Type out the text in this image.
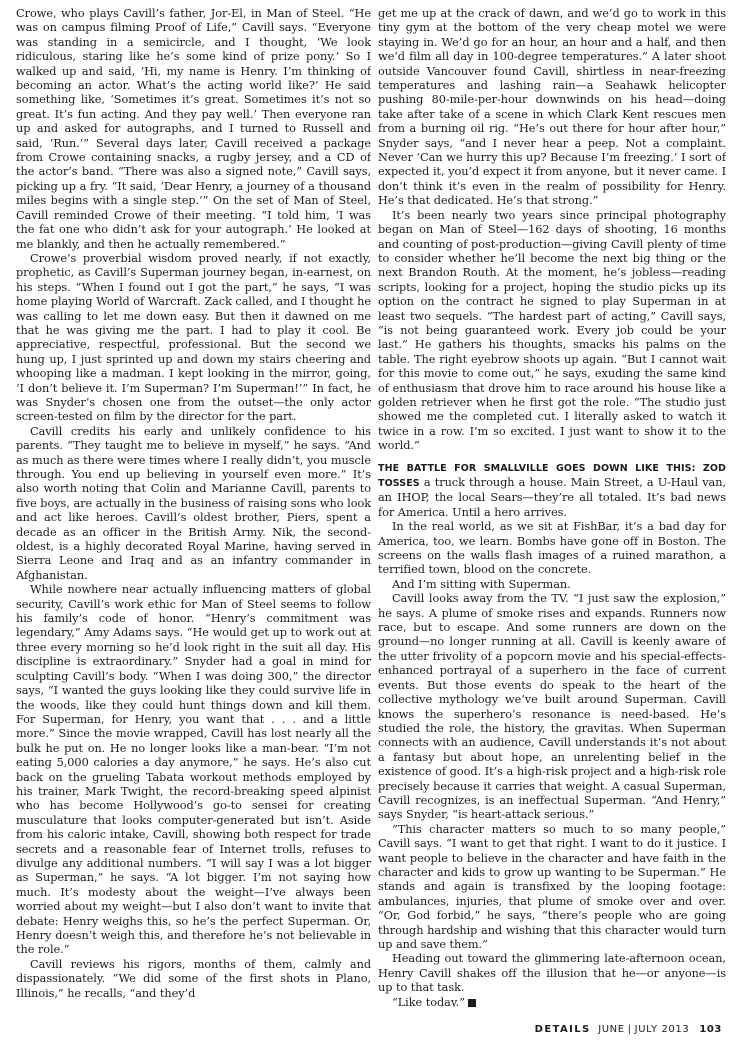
Crowe, who plays Cavill’s father, Jor-El, in Man of Steel. “He was on campus filming Proof of Life,” Cavill says. “Everyone was standing in a semicircle, and I thought, ‘We look ridiculous, staring like he’s some kind of prize pony.’ So I walked up and said, ‘Hi, my name is Henry. I’m thinking of becoming an actor. What’s the acting world like?’ He said something like, ‘Sometimes it’s great. Sometimes it’s not so great. It’s fun acting. And they pay well.’ Then everyone ran up and asked for autographs, and I turned to Russell and said, ‘Run.’” Several days later, Cavill received a package from Crowe containing snacks, a rugby jersey, and a CD of the actor’s band. “There was also a signed note,” Cavill says, picking up a fry. “It said, ‘Dear Henry, a journey of a thousand miles begins with a single step.’” On the set of Man of Steel, Cavill reminded Crowe of their meeting. “I told him, ‘I was the fat one who didn’t ask for your autograph.’ He looked at me blankly, and then he actually remembered.”

Crowe’s proverbial wisdom proved nearly, if not exactly, prophetic, as Cavill’s Superman journey began, in-earnest, on his steps. “When I found out I got the part,” he says, “I was home playing World of Warcraft. Zack called, and I thought he was calling to let me down easy. But then it dawned on me that he was giving me the part. I had to play it cool. Be appreciative, respectful, professional. But the second we hung up, I just sprinted up and down my stairs cheering and whooping like a madman. I kept looking in the mirror, going, ‘I don’t believe it. I’m Superman? I’m Superman!’” In fact, he was Snyder’s chosen one from the outset—the only actor screen-tested on film by the director for the part.

Cavill credits his early and unlikely confidence to his parents. “They taught me to believe in myself,” he says. “And as much as there were times where I really didn’t, you muscle through. You end up believing in yourself even more.” It’s also worth noting that Colin and Marianne Cavill, parents to five boys, are actually in the business of raising sons who look and act like heroes. Cavill’s oldest brother, Piers, spent a decade as an officer in the British Army. Nik, the second-oldest, is a highly decorated Royal Marine, having served in Sierra Leone and Iraq and as an infantry commander in Afghanistan.

While nowhere near actually influencing matters of global security, Cavill’s work ethic for Man of Steel seems to follow his family’s code of honor. “Henry’s commitment was legendary,” Amy Adams says. “He would get up to work out at three every morning so he’d look right in the suit all day. His discipline is extraordinary.” Snyder had a goal in mind for sculpting Cavill’s body. “When I was doing 300,” the director says, “I wanted the guys looking like they could survive life in the woods, like they could hunt things down and kill them. For Superman, for Henry, you want that . . . and a little more.” Since the movie wrapped, Cavill has lost nearly all the bulk he put on. He no longer looks like a man-bear. “I’m not eating 5,000 calories a day anymore,” he says. He’s also cut back on the grueling Tabata workout methods employed by his trainer, Mark Twight, the record-breaking speed alpinist who has become Hollywood’s go-to sensei for creating musculature that looks computer-generated but isn’t. Aside from his caloric intake, Cavill, showing both respect for trade secrets and a reasonable fear of Internet trolls, refuses to divulge any additional numbers. “I will say I was a lot bigger as Superman,” he says. “A lot bigger. I’m not saying how much. It’s modesty about the weight—I’ve always been worried about my weight—but I also don’t want to invite that debate: Henry weighs this, so he’s the perfect Superman. Or, Henry doesn’t weigh this, and therefore he’s not believable in the role.”

Cavill reviews his rigors, months of them, calmly and dispassionately. “We did some of the first shots in Plano, Illinois,” he recalls, “and they’d

get me up at the crack of dawn, and we’d go to work in this tiny gym at the bottom of the very cheap motel we were staying in. We’d go for an hour, an hour and a half, and then we’d film all day in 100-degree temperatures.” A later shoot outside Vancouver found Cavill, shirtless in near-freezing temperatures and lashing rain—a Seahawk helicopter pushing 80-mile-per-hour downwinds on his head—doing take after take of a scene in which Clark Kent rescues men from a burning oil rig. “He’s out there for hour after hour,” Snyder says, “and I never hear a peep. Not a complaint. Never ‘Can we hurry this up? Because I’m freezing.’ I sort of expected it, you’d expect it from anyone, but it never came. I don’t think it’s even in the realm of possibility for Henry. He’s that dedicated. He’s that strong.”

It’s been nearly two years since principal photography began on Man of Steel—162 days of shooting, 16 months and counting of post-production—giving Cavill plenty of time to consider whether he’ll become the next big thing or the next Brandon Routh. At the moment, he’s jobless—reading scripts, looking for a project, hoping the studio picks up its option on the contract he signed to play Superman in at least two sequels. “The hardest part of acting,” Cavill says, “is not being guaranteed work. Every job could be your last.” He gathers his thoughts, smacks his palms on the table. The right eyebrow shoots up again. “But I cannot wait for this movie to come out,” he says, exuding the same kind of enthusiasm that drove him to race around his house like a golden retriever when he first got the role. “The studio just showed me the completed cut. I literally asked to watch it twice in a row. I’m so excited. I just want to show it to the world.”

THE BATTLE FOR SMALLVILLE GOES DOWN LIKE THIS: ZOD TOSSES a truck through a house. Main Street, a U-Haul van, an IHOP, the local Sears—they’re all totaled. It’s bad news for America. Until a hero arrives.

In the real world, as we sit at FishBar, it’s a bad day for America, too, we learn. Bombs have gone off in Boston. The screens on the walls flash images of a ruined marathon, a terrified town, blood on the concrete.

And I’m sitting with Superman.

Cavill looks away from the TV. “I just saw the explosion,” he says. A plume of smoke rises and expands. Runners now race, but to escape. And some runners are down on the ground—no longer running at all. Cavill is keenly aware of the utter frivolity of a popcorn movie and his special-effects-enhanced portrayal of a superhero in the face of current events. But those events do speak to the heart of the collective mythology we’ve built around Superman. Cavill knows the superhero’s resonance is need-based. He’s studied the role, the history, the gravitas. When Superman connects with an audience, Cavill understands it’s not about a fantasy but about hope, an unrelenting belief in the existence of good. It’s a high-risk project and a high-risk role precisely because it carries that weight. A casual Superman, Cavill recognizes, is an ineffectual Superman. “And Henry,” says Snyder, “is heart-attack serious.”

“This character matters so much to so many people,” Cavill says. “I want to get that right. I want to do it justice. I want people to believe in the character and have faith in the character and kids to grow up wanting to be Superman.” He stands and again is transfixed by the looping footage: ambulances, injuries, that plume of smoke over and over. “Or, God forbid,” he says, “there’s people who are going through hardship and wishing that this character would turn up and save them.”

Heading out toward the glimmering late-afternoon ocean, Henry Cavill shakes off the illusion that he—or anyone—is up to that task.

“Like today.”

DETAILS JUNE | JULY 2013 103
